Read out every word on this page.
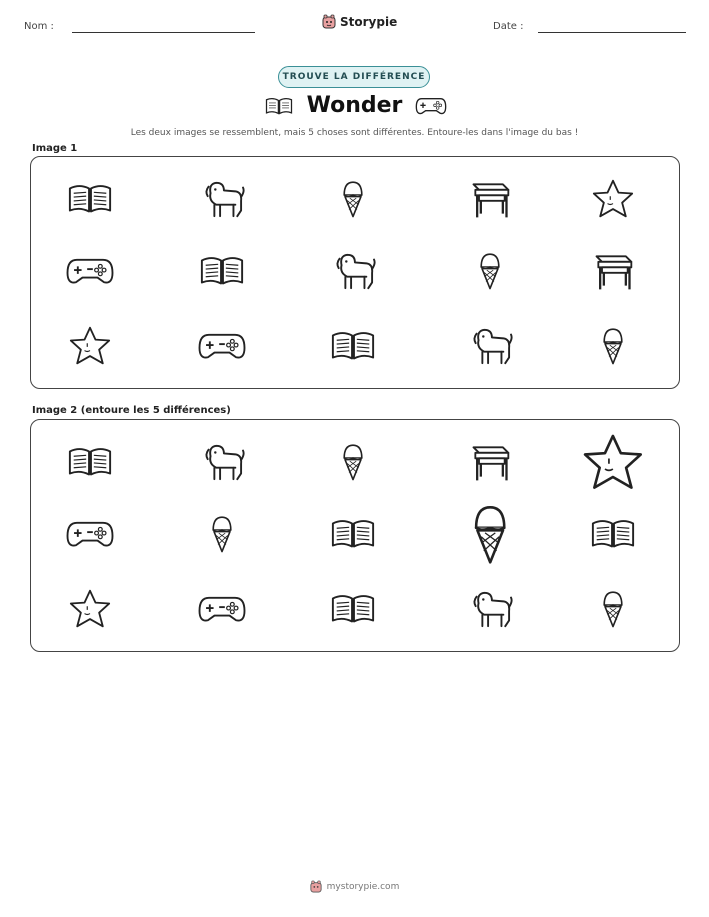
Nom :	Storypie	Date :
TROUVE LA DIFFÉRENCE
Wonder
Les deux images se ressemblent, mais 5 choses sont différentes. Entoure-les dans l'image du bas !
Image 1
Image 2 (entoure les 5 différences)
mystorypie.com
